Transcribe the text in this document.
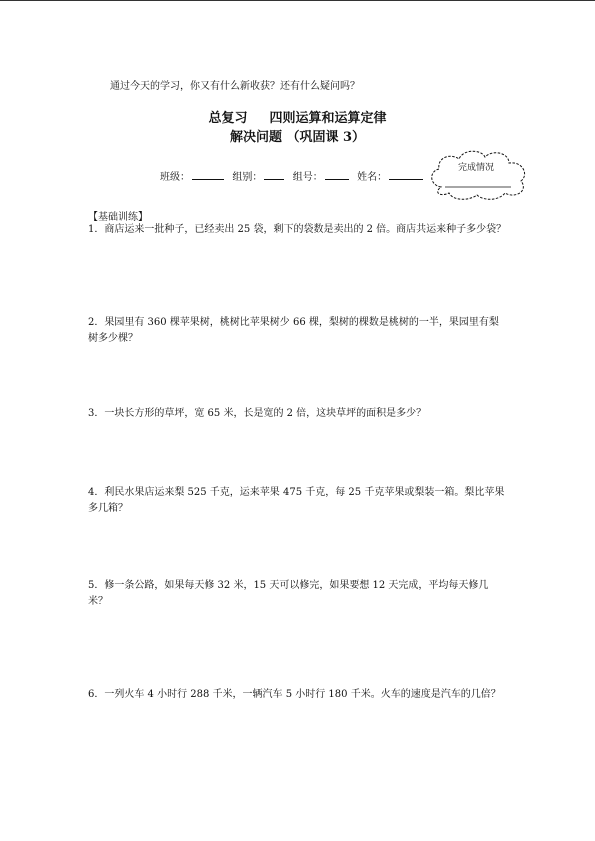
通过今天的学习，你又有什么新收获？还有什么疑问吗？
总复习 四则运算和运算定律
解决问题 （巩固课 3）
班级：	组别：	组号：	姓名：
完成情况
【基础训练】
1．商店运来一批种子，已经卖出 25 袋，剩下的袋数是卖出的 2 倍。商店共运来种子多少袋？
2．果园里有 360 棵苹果树，桃树比苹果树少 66 棵，梨树的棵数是桃树的一半，果园里有梨树多少棵？
3．一块长方形的草坪，宽 65 米，长是宽的 2 倍，这块草坪的面积是多少？
4．利民水果店运来梨 525 千克，运来苹果 475 千克，每 25 千克苹果或梨装一箱。梨比苹果多几箱？
5．修一条公路，如果每天修 32 米，15 天可以修完，如果要想 12 天完成，平均每天修几米？
6．一列火车 4 小时行 288 千米，一辆汽车 5 小时行 180 千米。火车的速度是汽车的几倍？
